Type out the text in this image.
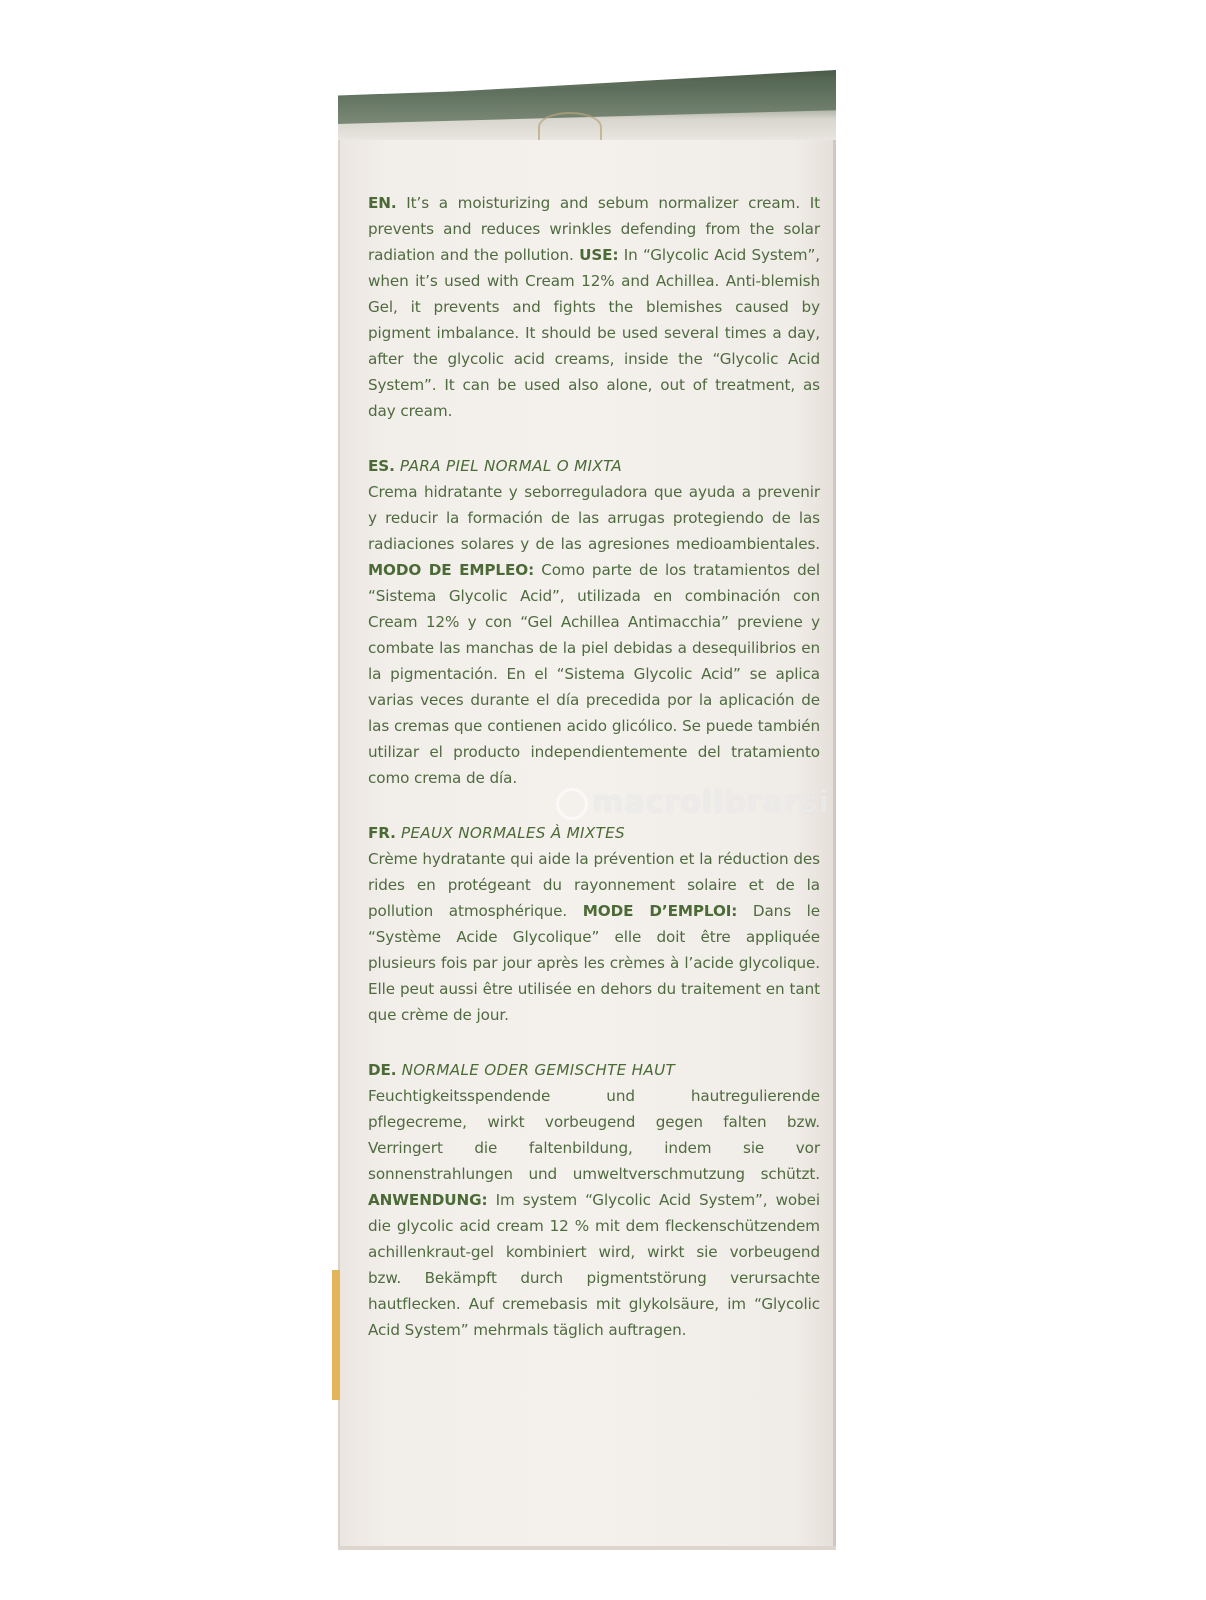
EN. It’s a moisturizing and sebum normalizer cream. It prevents and reduces wrinkles defending from the solar radiation and the pollution. USE: In “Glycolic Acid System”, when it’s used with Cream 12% and Achillea. Anti-blemish Gel, it prevents and fights the blemishes caused by pigment imbalance. It should be used several times a day, after the glycolic acid creams, inside the “Glycolic Acid System”. It can be used also alone, out of treatment, as day cream.

ES. PARA PIEL NORMAL O MIXTA
Crema hidratante y seborreguladora que ayuda a prevenir y reducir la formación de las arrugas protegiendo de las radiaciones solares y de las agresiones medioambientales. MODO DE EMPLEO: Como parte de los tratamientos del “Sistema Glycolic Acid”, utilizada en combinación con Cream 12% y con “Gel Achillea Antimacchia” previene y combate las manchas de la piel debidas a desequilibrios en la pigmentación. En el “Sistema Glycolic Acid” se aplica varias veces durante el día precedida por la aplicación de las cremas que contienen acido glicólico. Se puede también utilizar el producto independientemente del tratamiento como crema de día.

FR. PEAUX NORMALES À MIXTES
Crème hydratante qui aide la prévention et la réduction des rides en protégeant du rayonnement solaire et de la pollution atmosphérique. MODE D’EMPLOI: Dans le “Système Acide Glycolique” elle doit être appliquée plusieurs fois par jour après les crèmes à l’acide glycolique. Elle peut aussi être utilisée en dehors du traitement en tant que crème de jour.

DE. NORMALE ODER GEMISCHTE HAUT
Feuchtigkeitsspendende und hautregulierende pflegecreme, wirkt vorbeugend gegen falten bzw. Verringert die faltenbildung, indem sie vor sonnenstrahlungen und umweltverschmutzung schützt. ANWENDUNG: Im system “Glycolic Acid System”, wobei die glycolic acid cream 12 % mit dem fleckenschützendem achillenkraut-gel kombiniert wird, wirkt sie vorbeugend bzw. Bekämpft durch pigmentstörung verursachte hautflecken. Auf cremebasis mit glykolsäure, im “Glycolic Acid System” mehrmals täglich auftragen.

macrolibrarsi
